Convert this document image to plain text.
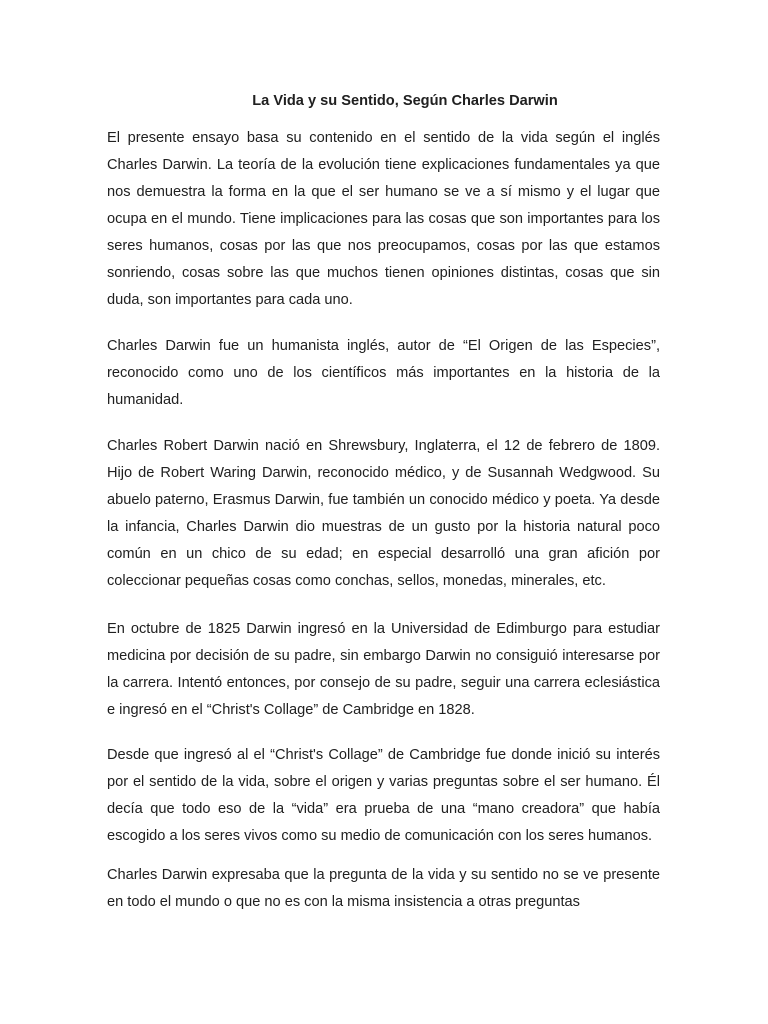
La Vida y su Sentido, Según Charles Darwin

El presente ensayo basa su contenido en el sentido de la vida según el inglés Charles Darwin. La teoría de la evolución tiene explicaciones fundamentales ya que nos demuestra la forma en la que el ser humano se ve a sí mismo y el lugar que ocupa en el mundo. Tiene implicaciones para las cosas que son importantes para los seres humanos, cosas por las que nos preocupamos, cosas por las que estamos sonriendo, cosas sobre las que muchos tienen opiniones distintas, cosas que sin duda, son importantes para cada uno.

Charles Darwin fue un humanista inglés, autor de “El Origen de las Especies”, reconocido como uno de los científicos más importantes en la historia de la humanidad.

Charles Robert Darwin nació en Shrewsbury, Inglaterra, el 12 de febrero de 1809. Hijo de Robert Waring Darwin, reconocido médico, y de Susannah Wedgwood. Su abuelo paterno, Erasmus Darwin, fue también un conocido médico y poeta. Ya desde la infancia, Charles Darwin dio muestras de un gusto por la historia natural poco común en un chico de su edad; en especial desarrolló una gran afición por coleccionar pequeñas cosas como conchas, sellos, monedas, minerales, etc.

En octubre de 1825 Darwin ingresó en la Universidad de Edimburgo para estudiar medicina por decisión de su padre, sin embargo Darwin no consiguió interesarse por la carrera. Intentó entonces, por consejo de su padre, seguir una carrera eclesiástica e ingresó en el “Christ's Collage” de Cambridge en 1828.

Desde que ingresó al el “Christ's Collage” de Cambridge fue donde inició su interés por el sentido de la vida, sobre el origen y varias preguntas sobre el ser humano. Él decía que todo eso de la “vida” era prueba de una “mano creadora” que había escogido a los seres vivos como su medio de comunicación con los seres humanos.

Charles Darwin expresaba que la pregunta de la vida y su sentido no se ve presente en todo el mundo o que no es con la misma insistencia a otras preguntas
